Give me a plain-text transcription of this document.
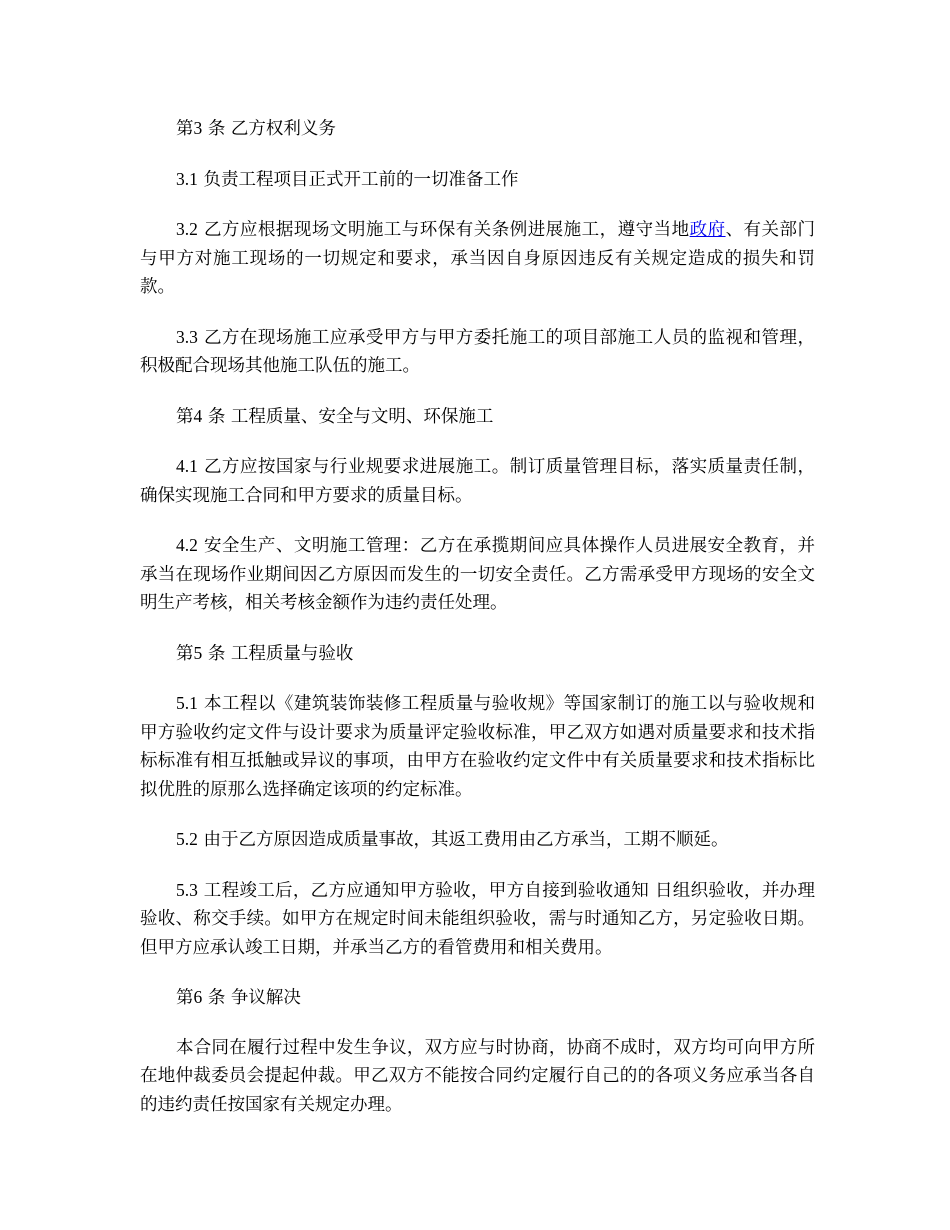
第3 条 乙方权利义务

3.1 负责工程项目正式开工前的一切准备工作

3.2 乙方应根据现场文明施工与环保有关条例进展施工，遵守当地政府、有关部门与甲方对施工现场的一切规定和要求，承当因自身原因违反有关规定造成的损失和罚款。

3.3 乙方在现场施工应承受甲方与甲方委托施工的项目部施工人员的监视和管理，积极配合现场其他施工队伍的施工。

第4 条 工程质量、安全与文明、环保施工

4.1 乙方应按国家与行业规要求进展施工。制订质量管理目标，落实质量责任制，确保实现施工合同和甲方要求的质量目标。

4.2 安全生产、文明施工管理：乙方在承揽期间应具体操作人员进展安全教育，并承当在现场作业期间因乙方原因而发生的一切安全责任。乙方需承受甲方现场的安全文明生产考核，相关考核金额作为违约责任处理。

第5 条 工程质量与验收

5.1 本工程以《建筑装饰装修工程质量与验收规》等国家制订的施工以与验收规和甲方验收约定文件与设计要求为质量评定验收标准，甲乙双方如遇对质量要求和技术指标标准有相互抵触或异议的事项，由甲方在验收约定文件中有关质量要求和技术指标比拟优胜的原那么选择确定该项的约定标准。

5.2 由于乙方原因造成质量事故，其返工费用由乙方承当，工期不顺延。

5.3 工程竣工后，乙方应通知甲方验收，甲方自接到验收通知 日组织验收，并办理验收、称交手续。如甲方在规定时间未能组织验收，需与时通知乙方，另定验收日期。但甲方应承认竣工日期，并承当乙方的看管费用和相关费用。

第6 条 争议解决

本合同在履行过程中发生争议，双方应与时协商，协商不成时，双方均可向甲方所在地仲裁委员会提起仲裁。甲乙双方不能按合同约定履行自己的的各项义务应承当各自的违约责任按国家有关规定办理。
